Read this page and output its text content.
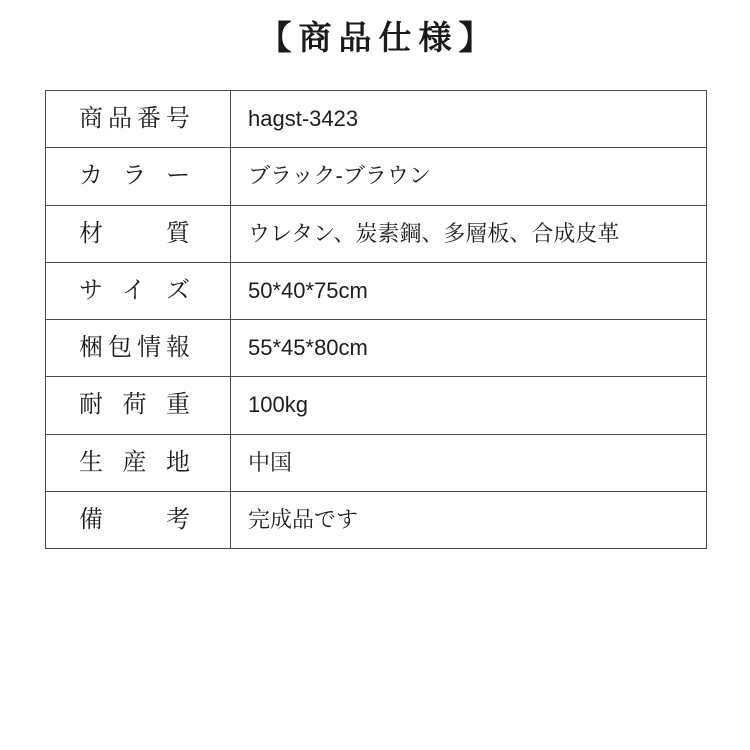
【商品仕様】
商品番号	hagst-3423
カラー	ブラック-ブラウン
材質	ウレタン、炭素鋼、多層板、合成皮革
サイズ	50*40*75cm
梱包情報	55*45*80cm
耐荷重	100kg
生産地	中国
備考	完成品です
